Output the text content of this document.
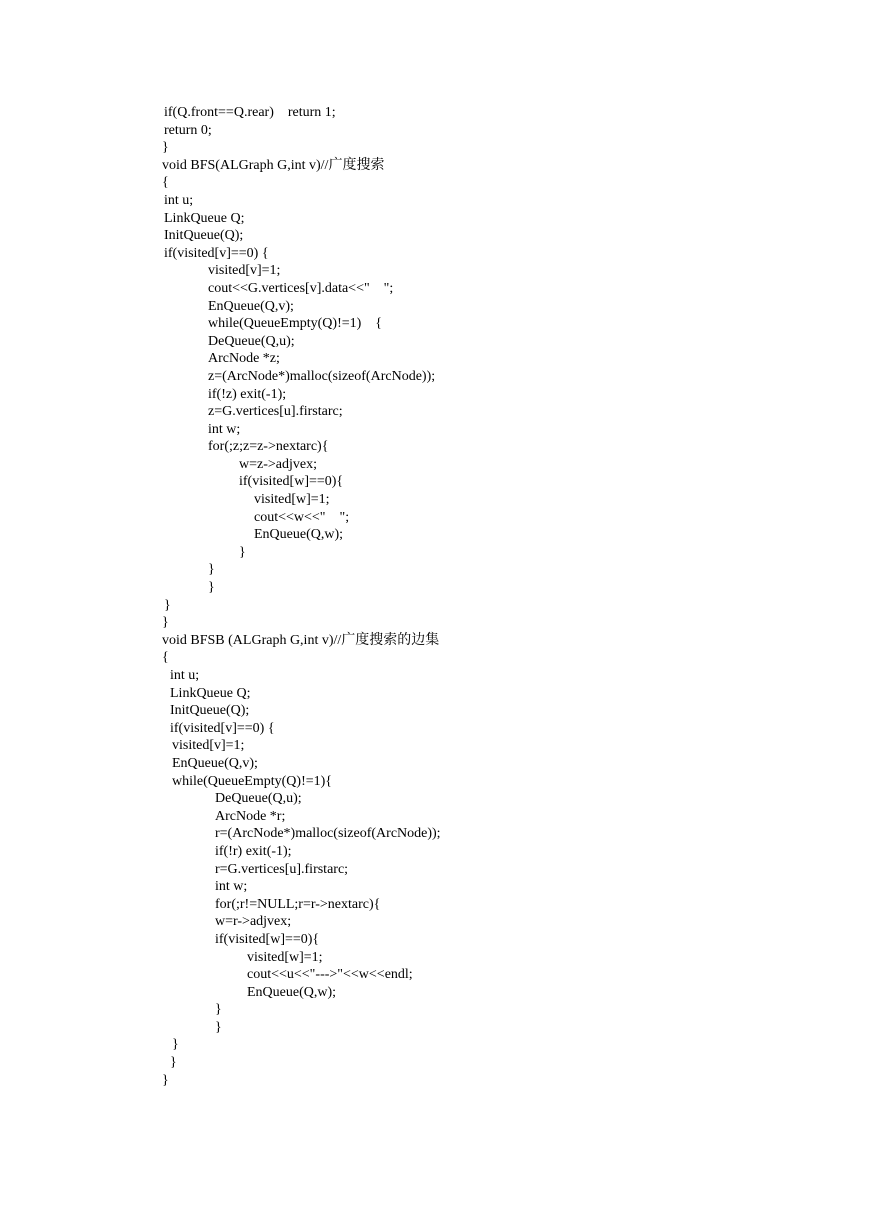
if(Q.front==Q.rear)    return 1;
return 0;
}
void BFS(ALGraph G,int v)//广度搜索
{
int u;
LinkQueue Q;
InitQueue(Q);
if(visited[v]==0) {
visited[v]=1;
cout<<G.vertices[v].data<<"    ";
EnQueue(Q,v);
while(QueueEmpty(Q)!=1)    {
DeQueue(Q,u);
ArcNode *z;
z=(ArcNode*)malloc(sizeof(ArcNode));
if(!z) exit(-1);
z=G.vertices[u].firstarc;
int w;
for(;z;z=z->nextarc){
w=z->adjvex;
if(visited[w]==0){
visited[w]=1;
cout<<w<<"    ";
EnQueue(Q,w);
}
}
}
}
}
void BFSB (ALGraph G,int v)//广度搜索的边集
{
int u;
LinkQueue Q;
InitQueue(Q);
if(visited[v]==0) {
visited[v]=1;
EnQueue(Q,v);
while(QueueEmpty(Q)!=1){
DeQueue(Q,u);
ArcNode *r;
r=(ArcNode*)malloc(sizeof(ArcNode));
if(!r) exit(-1);
r=G.vertices[u].firstarc;
int w;
for(;r!=NULL;r=r->nextarc){
w=r->adjvex;
if(visited[w]==0){
visited[w]=1;
cout<<u<<"--->"<<w<<endl;
EnQueue(Q,w);
}
}
}
}
}
